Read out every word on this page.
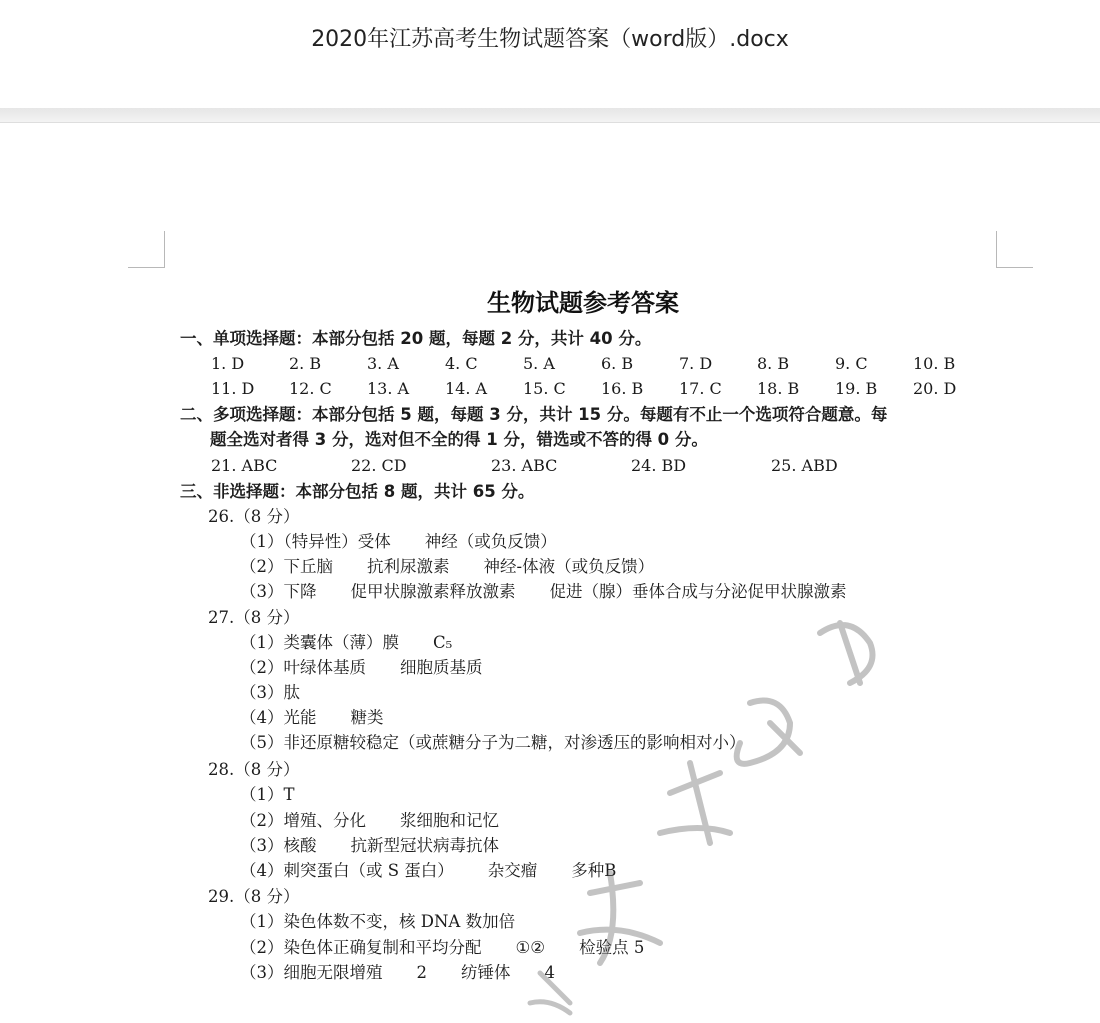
2020年江苏高考生物试题答案（word版）.docx
生物试题参考答案
一、单项选择题：本部分包括 20 题，每题 2 分，共计 40 分。
1. D	2. B	3. A	4. C	5. A	6. B	7. D	8. B	9. C	10. B
11. D 12. C 13. A 14. A 15. C 16. B 17. C 18. B 19. B 20. D
二、多项选择题：本部分包括 5 题，每题 3 分，共计 15 分。每题有不止一个选项符合题意。每
题全选对者得 3 分，选对但不全的得 1 分，错选或不答的得 0 分。
21. ABC	22. CD	23. ABC	24. BD	25. ABD
三、非选择题：本部分包括 8 题，共计 65 分。
26.（8 分）
（1）（特异性）受体 神经（或负反馈）
（2）下丘脑 抗利尿激素 神经-体液（或负反馈）
（3）下降 促甲状腺激素释放激素 促进（腺）垂体合成与分泌促甲状腺激素
27.（8 分）
（1）类囊体（薄）膜 C₅
（2）叶绿体基质 细胞质基质
（3）肽
（4）光能 糖类
（5）非还原糖较稳定（或蔗糖分子为二糖，对渗透压的影响相对小）
28.（8 分）
（1）T
（2）增殖、分化 浆细胞和记忆
（3）核酸 抗新型冠状病毒抗体
（4）刺突蛋白（或 S 蛋白） 杂交瘤 多种B
29.（8 分）
（1）染色体数不变，核 DNA 数加倍
（2）染色体正确复制和平均分配 ①② 检验点 5
（3）细胞无限增殖 2 纺锤体 4
